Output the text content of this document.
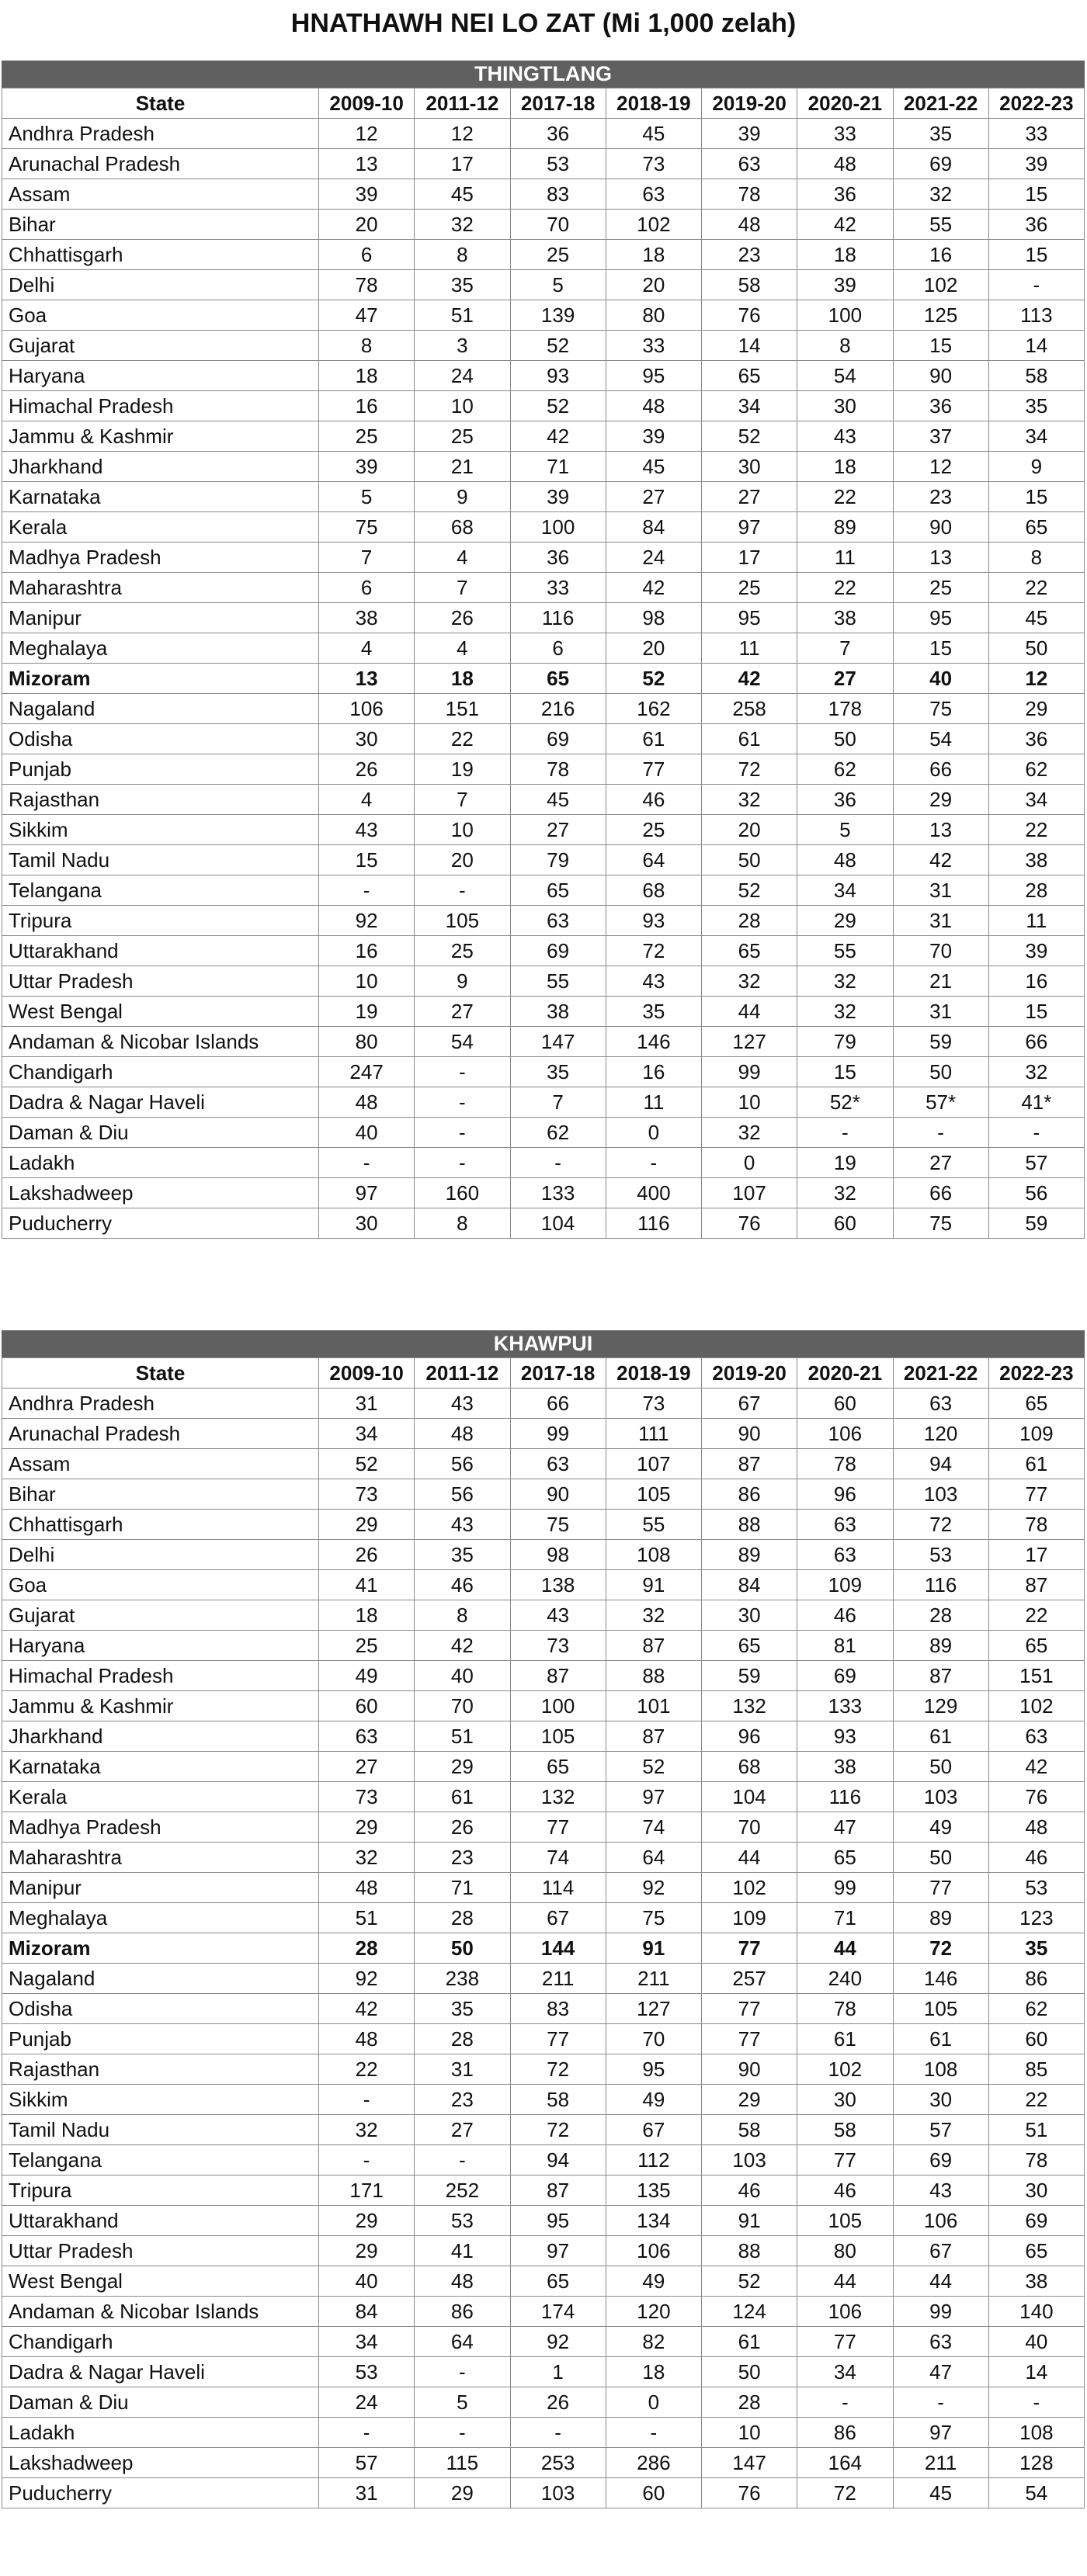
HNATHAWH NEI LO ZAT (Mi 1,000 zelah)
THINGTLANG
State	2009-10	2011-12	2017-18	2018-19	2019-20	2020-21	2021-22	2022-23
Andhra Pradesh	12	12	36	45	39	33	35	33
Arunachal Pradesh	13	17	53	73	63	48	69	39
Assam	39	45	83	63	78	36	32	15
Bihar	20	32	70	102	48	42	55	36
Chhattisgarh	6	8	25	18	23	18	16	15
Delhi	78	35	5	20	58	39	102	-
Goa	47	51	139	80	76	100	125	113
Gujarat	8	3	52	33	14	8	15	14
Haryana	18	24	93	95	65	54	90	58
Himachal Pradesh	16	10	52	48	34	30	36	35
Jammu & Kashmir	25	25	42	39	52	43	37	34
Jharkhand	39	21	71	45	30	18	12	9
Karnataka	5	9	39	27	27	22	23	15
Kerala	75	68	100	84	97	89	90	65
Madhya Pradesh	7	4	36	24	17	11	13	8
Maharashtra	6	7	33	42	25	22	25	22
Manipur	38	26	116	98	95	38	95	45
Meghalaya	4	4	6	20	11	7	15	50
Mizoram	13	18	65	52	42	27	40	12
Nagaland	106	151	216	162	258	178	75	29
Odisha	30	22	69	61	61	50	54	36
Punjab	26	19	78	77	72	62	66	62
Rajasthan	4	7	45	46	32	36	29	34
Sikkim	43	10	27	25	20	5	13	22
Tamil Nadu	15	20	79	64	50	48	42	38
Telangana	-	-	65	68	52	34	31	28
Tripura	92	105	63	93	28	29	31	11
Uttarakhand	16	25	69	72	65	55	70	39
Uttar Pradesh	10	9	55	43	32	32	21	16
West Bengal	19	27	38	35	44	32	31	15
Andaman & Nicobar Islands	80	54	147	146	127	79	59	66
Chandigarh	247	-	35	16	99	15	50	32
Dadra & Nagar Haveli	48	-	7	11	10	52*	57*	41*
Daman & Diu	40	-	62	0	32	-	-	-
Ladakh	-	-	-	-	0	19	27	57
Lakshadweep	97	160	133	400	107	32	66	56
Puducherry	30	8	104	116	76	60	75	59
KHAWPUI
State	2009-10	2011-12	2017-18	2018-19	2019-20	2020-21	2021-22	2022-23
Andhra Pradesh	31	43	66	73	67	60	63	65
Arunachal Pradesh	34	48	99	111	90	106	120	109
Assam	52	56	63	107	87	78	94	61
Bihar	73	56	90	105	86	96	103	77
Chhattisgarh	29	43	75	55	88	63	72	78
Delhi	26	35	98	108	89	63	53	17
Goa	41	46	138	91	84	109	116	87
Gujarat	18	8	43	32	30	46	28	22
Haryana	25	42	73	87	65	81	89	65
Himachal Pradesh	49	40	87	88	59	69	87	151
Jammu & Kashmir	60	70	100	101	132	133	129	102
Jharkhand	63	51	105	87	96	93	61	63
Karnataka	27	29	65	52	68	38	50	42
Kerala	73	61	132	97	104	116	103	76
Madhya Pradesh	29	26	77	74	70	47	49	48
Maharashtra	32	23	74	64	44	65	50	46
Manipur	48	71	114	92	102	99	77	53
Meghalaya	51	28	67	75	109	71	89	123
Mizoram	28	50	144	91	77	44	72	35
Nagaland	92	238	211	211	257	240	146	86
Odisha	42	35	83	127	77	78	105	62
Punjab	48	28	77	70	77	61	61	60
Rajasthan	22	31	72	95	90	102	108	85
Sikkim	-	23	58	49	29	30	30	22
Tamil Nadu	32	27	72	67	58	58	57	51
Telangana	-	-	94	112	103	77	69	78
Tripura	171	252	87	135	46	46	43	30
Uttarakhand	29	53	95	134	91	105	106	69
Uttar Pradesh	29	41	97	106	88	80	67	65
West Bengal	40	48	65	49	52	44	44	38
Andaman & Nicobar Islands	84	86	174	120	124	106	99	140
Chandigarh	34	64	92	82	61	77	63	40
Dadra & Nagar Haveli	53	-	1	18	50	34	47	14
Daman & Diu	24	5	26	0	28	-	-	-
Ladakh	-	-	-	-	10	86	97	108
Lakshadweep	57	115	253	286	147	164	211	128
Puducherry	31	29	103	60	76	72	45	54
